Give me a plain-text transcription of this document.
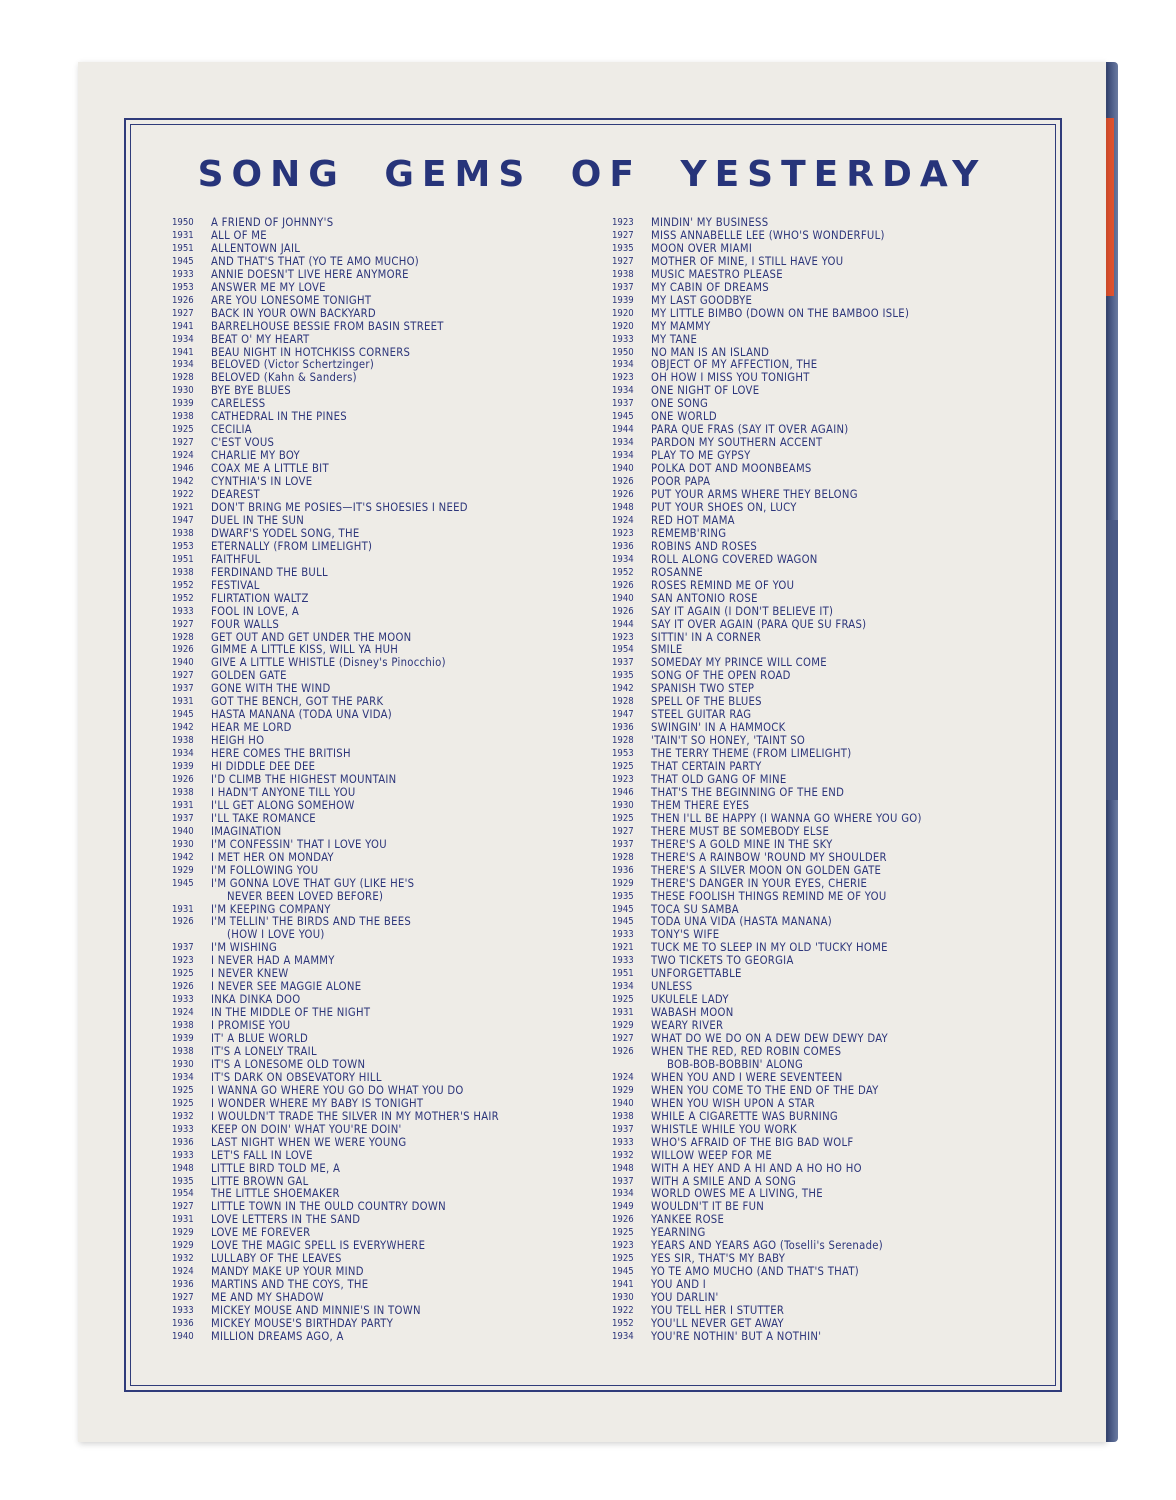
SONG GEMS OF YESTERDAY
1950	A FRIEND OF JOHNNY'S
1931	ALL OF ME
1951	ALLENTOWN JAIL
1945	AND THAT'S THAT (YO TE AMO MUCHO)
1933	ANNIE DOESN'T LIVE HERE ANYMORE
1953	ANSWER ME MY LOVE
1926	ARE YOU LONESOME TONIGHT
1927	BACK IN YOUR OWN BACKYARD
1941	BARRELHOUSE BESSIE FROM BASIN STREET
1934	BEAT O' MY HEART
1941	BEAU NIGHT IN HOTCHKISS CORNERS
1934	BELOVED (Victor Schertzinger)
1928	BELOVED (Kahn & Sanders)
1930	BYE BYE BLUES
1939	CARELESS
1938	CATHEDRAL IN THE PINES
1925	CECILIA
1927	C'EST VOUS
1924	CHARLIE MY BOY
1946	COAX ME A LITTLE BIT
1942	CYNTHIA'S IN LOVE
1922	DEAREST
1921	DON'T BRING ME POSIES—IT'S SHOESIES I NEED
1947	DUEL IN THE SUN
1938	DWARF'S YODEL SONG, THE
1953	ETERNALLY (FROM LIMELIGHT)
1951	FAITHFUL
1938	FERDINAND THE BULL
1952	FESTIVAL
1952	FLIRTATION WALTZ
1933	FOOL IN LOVE, A
1927	FOUR WALLS
1928	GET OUT AND GET UNDER THE MOON
1926	GIMME A LITTLE KISS, WILL YA HUH
1940	GIVE A LITTLE WHISTLE (Disney's Pinocchio)
1927	GOLDEN GATE
1937	GONE WITH THE WIND
1931	GOT THE BENCH, GOT THE PARK
1945	HASTA MANANA (TODA UNA VIDA)
1942	HEAR ME LORD
1938	HEIGH HO
1934	HERE COMES THE BRITISH
1939	HI DIDDLE DEE DEE
1926	I'D CLIMB THE HIGHEST MOUNTAIN
1938	I HADN'T ANYONE TILL YOU
1931	I'LL GET ALONG SOMEHOW
1937	I'LL TAKE ROMANCE
1940	IMAGINATION
1930	I'M CONFESSIN' THAT I LOVE YOU
1942	I MET HER ON MONDAY
1929	I'M FOLLOWING YOU
1945	I'M GONNA LOVE THAT GUY (LIKE HE'S
NEVER BEEN LOVED BEFORE)
1931	I'M KEEPING COMPANY
1926	I'M TELLIN' THE BIRDS AND THE BEES
(HOW I LOVE YOU)
1937	I'M WISHING
1923	I NEVER HAD A MAMMY
1925	I NEVER KNEW
1926	I NEVER SEE MAGGIE ALONE
1933	INKA DINKA DOO
1924	IN THE MIDDLE OF THE NIGHT
1938	I PROMISE YOU
1939	IT' A BLUE WORLD
1938	IT'S A LONELY TRAIL
1930	IT'S A LONESOME OLD TOWN
1934	IT'S DARK ON OBSEVATORY HILL
1925	I WANNA GO WHERE YOU GO DO WHAT YOU DO
1925	I WONDER WHERE MY BABY IS TONIGHT
1932	I WOULDN'T TRADE THE SILVER IN MY MOTHER'S HAIR
1933	KEEP ON DOIN' WHAT YOU'RE DOIN'
1936	LAST NIGHT WHEN WE WERE YOUNG
1933	LET'S FALL IN LOVE
1948	LITTLE BIRD TOLD ME, A
1935	LITTE BROWN GAL
1954	THE LITTLE SHOEMAKER
1927	LITTLE TOWN IN THE OULD COUNTRY DOWN
1931	LOVE LETTERS IN THE SAND
1929	LOVE ME FOREVER
1929	LOVE THE MAGIC SPELL IS EVERYWHERE
1932	LULLABY OF THE LEAVES
1924	MANDY MAKE UP YOUR MIND
1936	MARTINS AND THE COYS, THE
1927	ME AND MY SHADOW
1933	MICKEY MOUSE AND MINNIE'S IN TOWN
1936	MICKEY MOUSE'S BIRTHDAY PARTY
1940	MILLION DREAMS AGO, A
1923	MINDIN' MY BUSINESS
1927	MISS ANNABELLE LEE (WHO'S WONDERFUL)
1935	MOON OVER MIAMI
1927	MOTHER OF MINE, I STILL HAVE YOU
1938	MUSIC MAESTRO PLEASE
1937	MY CABIN OF DREAMS
1939	MY LAST GOODBYE
1920	MY LITTLE BIMBO (DOWN ON THE BAMBOO ISLE)
1920	MY MAMMY
1933	MY TANE
1950	NO MAN IS AN ISLAND
1934	OBJECT OF MY AFFECTION, THE
1923	OH HOW I MISS YOU TONIGHT
1934	ONE NIGHT OF LOVE
1937	ONE SONG
1945	ONE WORLD
1944	PARA QUE FRAS (SAY IT OVER AGAIN)
1934	PARDON MY SOUTHERN ACCENT
1934	PLAY TO ME GYPSY
1940	POLKA DOT AND MOONBEAMS
1926	POOR PAPA
1926	PUT YOUR ARMS WHERE THEY BELONG
1948	PUT YOUR SHOES ON, LUCY
1924	RED HOT MAMA
1923	REMEMB'RING
1936	ROBINS AND ROSES
1934	ROLL ALONG COVERED WAGON
1952	ROSANNE
1926	ROSES REMIND ME OF YOU
1940	SAN ANTONIO ROSE
1926	SAY IT AGAIN (I DON'T BELIEVE IT)
1944	SAY IT OVER AGAIN (PARA QUE SU FRAS)
1923	SITTIN' IN A CORNER
1954	SMILE
1937	SOMEDAY MY PRINCE WILL COME
1935	SONG OF THE OPEN ROAD
1942	SPANISH TWO STEP
1928	SPELL OF THE BLUES
1947	STEEL GUITAR RAG
1936	SWINGIN' IN A HAMMOCK
1928	'TAIN'T SO HONEY, 'TAINT SO
1953	THE TERRY THEME (FROM LIMELIGHT)
1925	THAT CERTAIN PARTY
1923	THAT OLD GANG OF MINE
1946	THAT'S THE BEGINNING OF THE END
1930	THEM THERE EYES
1925	THEN I'LL BE HAPPY (I WANNA GO WHERE YOU GO)
1927	THERE MUST BE SOMEBODY ELSE
1937	THERE'S A GOLD MINE IN THE SKY
1928	THERE'S A RAINBOW 'ROUND MY SHOULDER
1936	THERE'S A SILVER MOON ON GOLDEN GATE
1929	THERE'S DANGER IN YOUR EYES, CHERIE
1935	THESE FOOLISH THINGS REMIND ME OF YOU
1945	TOCA SU SAMBA
1945	TODA UNA VIDA (HASTA MANANA)
1933	TONY'S WIFE
1921	TUCK ME TO SLEEP IN MY OLD 'TUCKY HOME
1933	TWO TICKETS TO GEORGIA
1951	UNFORGETTABLE
1934	UNLESS
1925	UKULELE LADY
1931	WABASH MOON
1929	WEARY RIVER
1927	WHAT DO WE DO ON A DEW DEW DEWY DAY
1926	WHEN THE RED, RED ROBIN COMES
BOB-BOB-BOBBIN' ALONG
1924	WHEN YOU AND I WERE SEVENTEEN
1929	WHEN YOU COME TO THE END OF THE DAY
1940	WHEN YOU WISH UPON A STAR
1938	WHILE A CIGARETTE WAS BURNING
1937	WHISTLE WHILE YOU WORK
1933	WHO'S AFRAID OF THE BIG BAD WOLF
1932	WILLOW WEEP FOR ME
1948	WITH A HEY AND A HI AND A HO HO HO
1937	WITH A SMILE AND A SONG
1934	WORLD OWES ME A LIVING, THE
1949	WOULDN'T IT BE FUN
1926	YANKEE ROSE
1925	YEARNING
1923	YEARS AND YEARS AGO (Toselli's Serenade)
1925	YES SIR, THAT'S MY BABY
1945	YO TE AMO MUCHO (AND THAT'S THAT)
1941	YOU AND I
1930	YOU DARLIN'
1922	YOU TELL HER I STUTTER
1952	YOU'LL NEVER GET AWAY
1934	YOU'RE NOTHIN' BUT A NOTHIN'
